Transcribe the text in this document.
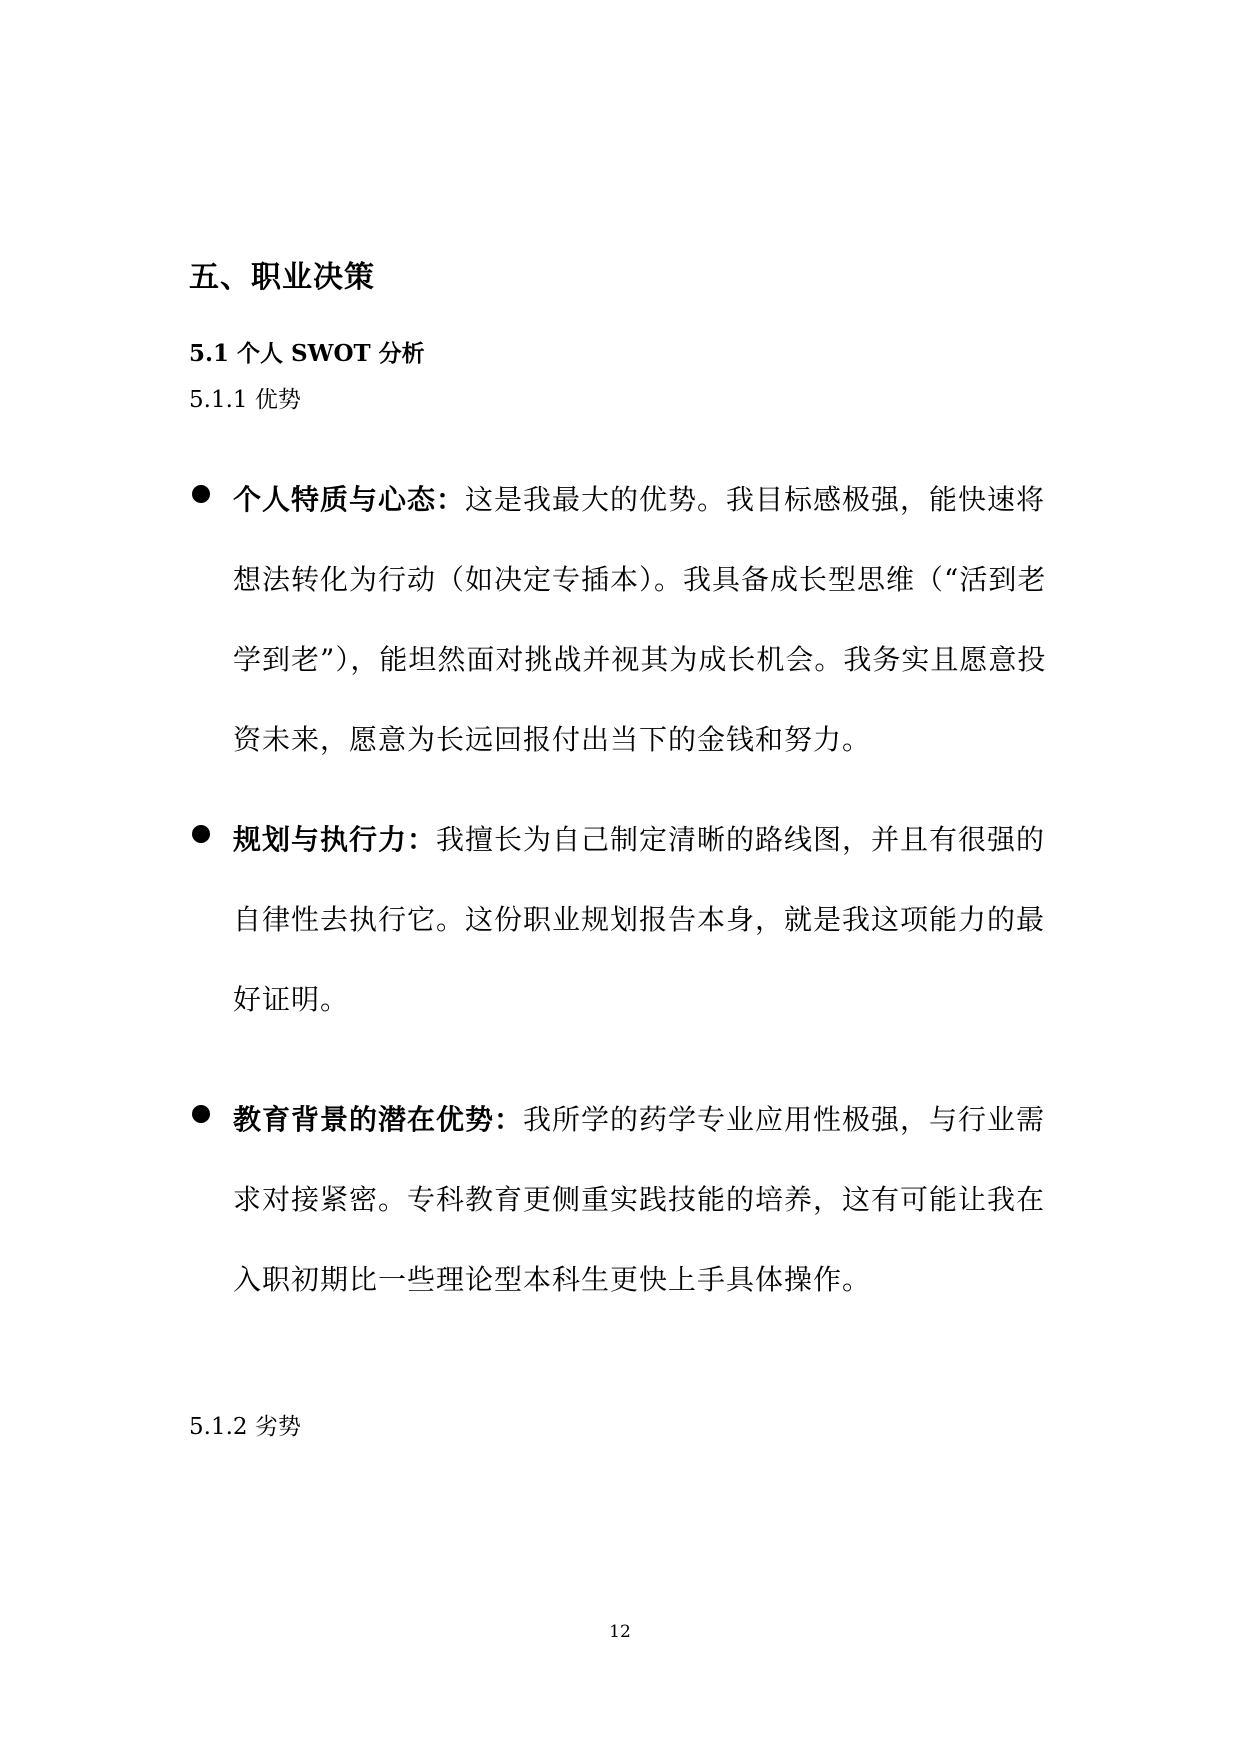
五、职业决策
5.1 个人 SWOT 分析
5.1.1 优势
个人特质与心态：这是我最大的优势。我目标感极强，能快速将想法转化为行动（如决定专插本）。我具备成长型思维（“活到老学到老”），能坦然面对挑战并视其为成长机会。我务实且愿意投资未来，愿意为长远回报付出当下的金钱和努力。
规划与执行力：我擅长为自己制定清晰的路线图，并且有很强的自律性去执行它。这份职业规划报告本身，就是我这项能力的最好证明。
教育背景的潜在优势：我所学的药学专业应用性极强，与行业需求对接紧密。专科教育更侧重实践技能的培养，这有可能让我在入职初期比一些理论型本科生更快上手具体操作。
5.1.2 劣势
12
